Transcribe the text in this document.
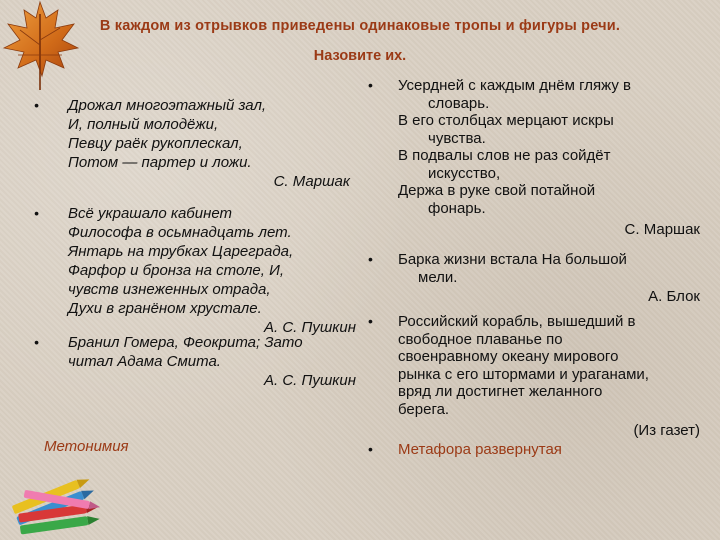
В каждом из отрывков приведены одинаковые тропы и фигуры речи.
Назовите их.
• Дрожал многоэтажный зал,
И, полный молодёжи,
Певцу раёк рукоплескал,
Потом — партер и ложи.
С. Маршак
• Всё украшало кабинет
Философа в осьмнадцать лет.
Янтарь на трубках Цареграда,
Фарфор и бронза на столе, И,
чувств изнеженных отрада,
Духи в гранёном хрустале.
А. С. Пушкин
• Бранил Гомера, Феокрита; Зато
читал Адама Смита.
А. С. Пушкин
Метонимия
• Усердней с каждым днём гляжу в
словарь.
В его столбцах мерцают искры
чувства.
В подвалы слов не раз сойдёт
искусство,
Держа в руке свой потайной
фонарь.
С. Маршак
• Барка жизни встала На большой
мели.
А. Блок
• Российский корабль, вышедший в
свободное плаванье по
своенравному океану мирового
рынка с его штормами и ураганами,
вряд ли достигнет желанного
берега.
(Из газет)
• Метафора развернутая
